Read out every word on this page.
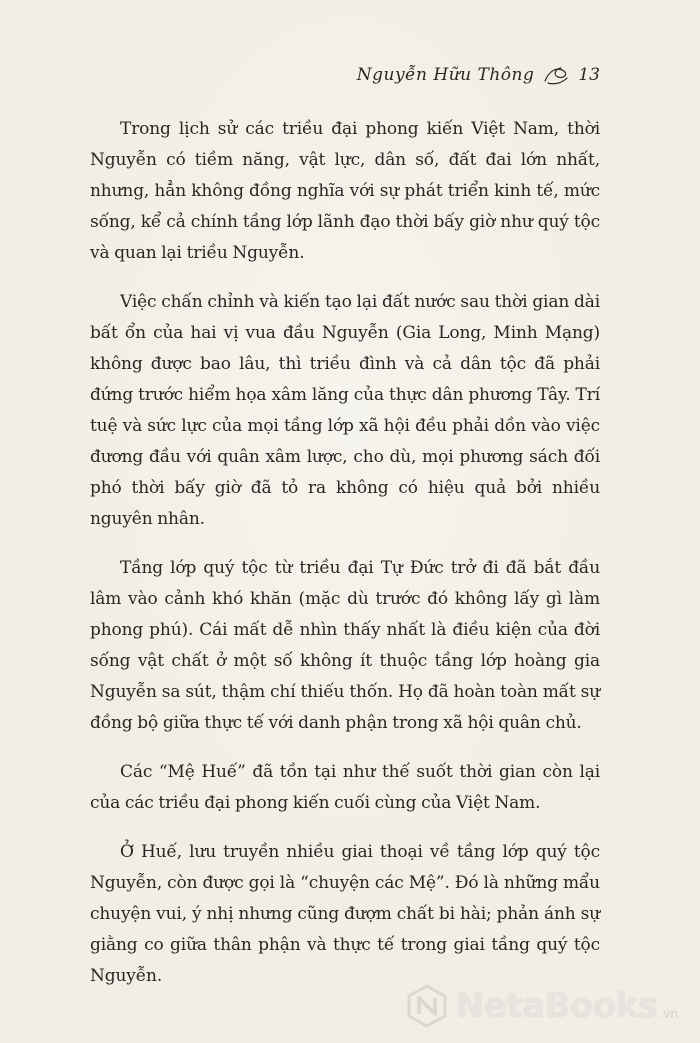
Nguyễn Hữu Thông	13

Trong lịch sử các triều đại phong kiến Việt Nam, thời Nguyễn có tiềm năng, vật lực, dân số, đất đai lớn nhất, nhưng, hẳn không đồng nghĩa với sự phát triển kinh tế, mức sống, kể cả chính tầng lớp lãnh đạo thời bấy giờ như quý tộc và quan lại triều Nguyễn.

Việc chấn chỉnh và kiến tạo lại đất nước sau thời gian dài bất ổn của hai vị vua đầu Nguyễn (Gia Long, Minh Mạng) không được bao lâu, thì triều đình và cả dân tộc đã phải đứng trước hiểm họa xâm lăng của thực dân phương Tây. Trí tuệ và sức lực của mọi tầng lớp xã hội đều phải dồn vào việc đương đầu với quân xâm lược, cho dù, mọi phương sách đối phó thời bấy giờ đã tỏ ra không có hiệu quả bởi nhiều nguyên nhân.

Tầng lớp quý tộc từ triều đại Tự Đức trở đi đã bắt đầu lâm vào cảnh khó khăn (mặc dù trước đó không lấy gì làm phong phú). Cái mất dễ nhìn thấy nhất là điều kiện của đời sống vật chất ở một số không ít thuộc tầng lớp hoàng gia Nguyễn sa sút, thậm chí thiếu thốn. Họ đã hoàn toàn mất sự đồng bộ giữa thực tế với danh phận trong xã hội quân chủ.

Các “Mệ Huế” đã tồn tại như thế suốt thời gian còn lại của các triều đại phong kiến cuối cùng của Việt Nam.

Ở Huế, lưu truyền nhiều giai thoại về tầng lớp quý tộc Nguyễn, còn được gọi là “chuyện các Mệ”. Đó là những mẩu chuyện vui, ý nhị nhưng cũng đượm chất bi hài; phản ánh sự giằng co giữa thân phận và thực tế trong giai tầng quý tộc Nguyễn.

NetaBooks .vn
